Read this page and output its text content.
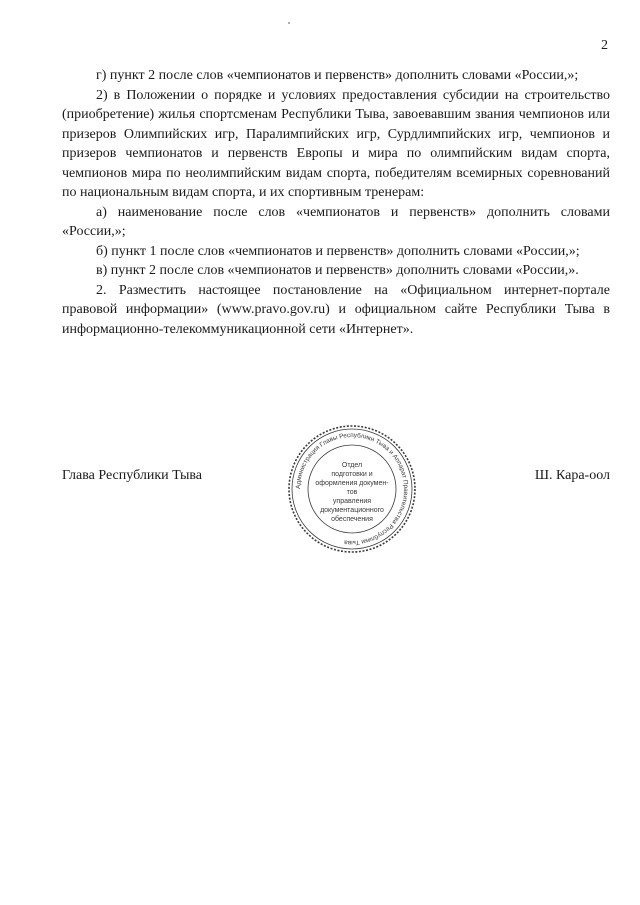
2

г) пункт 2 после слов «чемпионатов и первенств» дополнить словами «России,»;

2) в Положении о порядке и условиях предоставления субсидии на строительство (приобретение) жилья спортсменам Республики Тыва, завоевавшим звания чемпионов или призеров Олимпийских игр, Паралимпийских игр, Сурдлимпийских игр, чемпионов и призеров чемпионатов и первенств Европы и мира по олимпийским видам спорта, чемпионов мира по неолимпийским видам спорта, победителям всемирных соревнований по национальным видам спорта, и их спортивным тренерам:

а) наименование после слов «чемпионатов и первенств» дополнить словами «России,»;

б) пункт 1 после слов «чемпионатов и первенств» дополнить словами «России,»;

в) пункт 2 после слов «чемпионатов и первенств» дополнить словами «России,».

2. Разместить настоящее постановление на «Официальном интернет-портале правовой информации» (www.pravo.gov.ru) и официальном сайте Республики Тыва в информационно-телекоммуникационной сети «Интернет».

Глава Республики Тыва	Ш. Кара-оол
Администрация Главы Республики Тыва и Аппарат Правительства Республики Тыва
Отдел
подготовки и
оформления документов
управления
документационного
обеспечения
